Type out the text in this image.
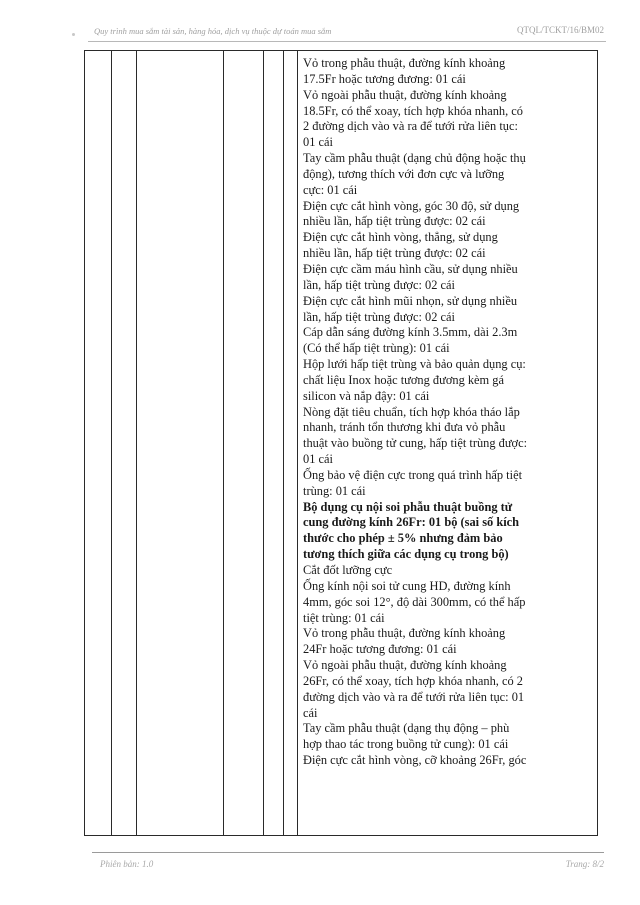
Quy trình mua sắm tài sản, hàng hóa, dịch vụ thuộc dự toán mua sắm	QTQL/TCKT/16/BM02
Vỏ trong phẫu thuật, đường kính khoảng
17.5Fr hoặc tương đương: 01 cái
Vỏ ngoài phẫu thuật, đường kính khoảng
18.5Fr, có thể xoay, tích hợp khóa nhanh, có
2 đường dịch vào và ra để tưới rửa liên tục:
01 cái
Tay cầm phẫu thuật (dạng chủ động hoặc thụ
động), tương thích với đơn cực và lưỡng
cực: 01 cái
Điện cực cắt hình vòng, góc 30 độ, sử dụng
nhiều lần, hấp tiệt trùng được: 02 cái
Điện cực cắt hình vòng, thẳng, sử dụng
nhiều lần, hấp tiệt trùng được: 02 cái
Điện cực cầm máu hình cầu, sử dụng nhiều
lần, hấp tiệt trùng được: 02 cái
Điện cực cắt hình mũi nhọn, sử dụng nhiều
lần, hấp tiệt trùng được: 02 cái
Cáp dẫn sáng đường kính 3.5mm, dài 2.3m
(Có thể hấp tiệt trùng): 01 cái
Hộp lưới hấp tiệt trùng và bảo quản dụng cụ:
chất liệu Inox hoặc tương đương kèm gá
silicon và nắp đậy: 01 cái
Nòng đặt tiêu chuẩn, tích hợp khóa tháo lắp
nhanh, tránh tổn thương khi đưa vỏ phẫu
thuật vào buồng tử cung, hấp tiệt trùng được:
01 cái
Ống bảo vệ điện cực trong quá trình hấp tiệt
trùng: 01 cái
Bộ dụng cụ nội soi phẫu thuật buồng tử
cung đường kính 26Fr: 01 bộ (sai số kích
thước cho phép ± 5% nhưng đảm bảo
tương thích giữa các dụng cụ trong bộ)
Cắt đốt lưỡng cực
Ống kính nội soi tử cung HD, đường kính
4mm, góc soi 12°, độ dài 300mm, có thể hấp
tiệt trùng: 01 cái
Vỏ trong phẫu thuật, đường kính khoảng
24Fr hoặc tương đương: 01 cái
Vỏ ngoài phẫu thuật, đường kính khoảng
26Fr, có thể xoay, tích hợp khóa nhanh, có 2
đường dịch vào và ra để tưới rửa liên tục: 01
cái
Tay cầm phẫu thuật (dạng thụ động – phù
hợp thao tác trong buồng tử cung): 01 cái
Điện cực cắt hình vòng, cỡ khoảng 26Fr, góc
Phiên bản: 1.0	Trang: 8/2
